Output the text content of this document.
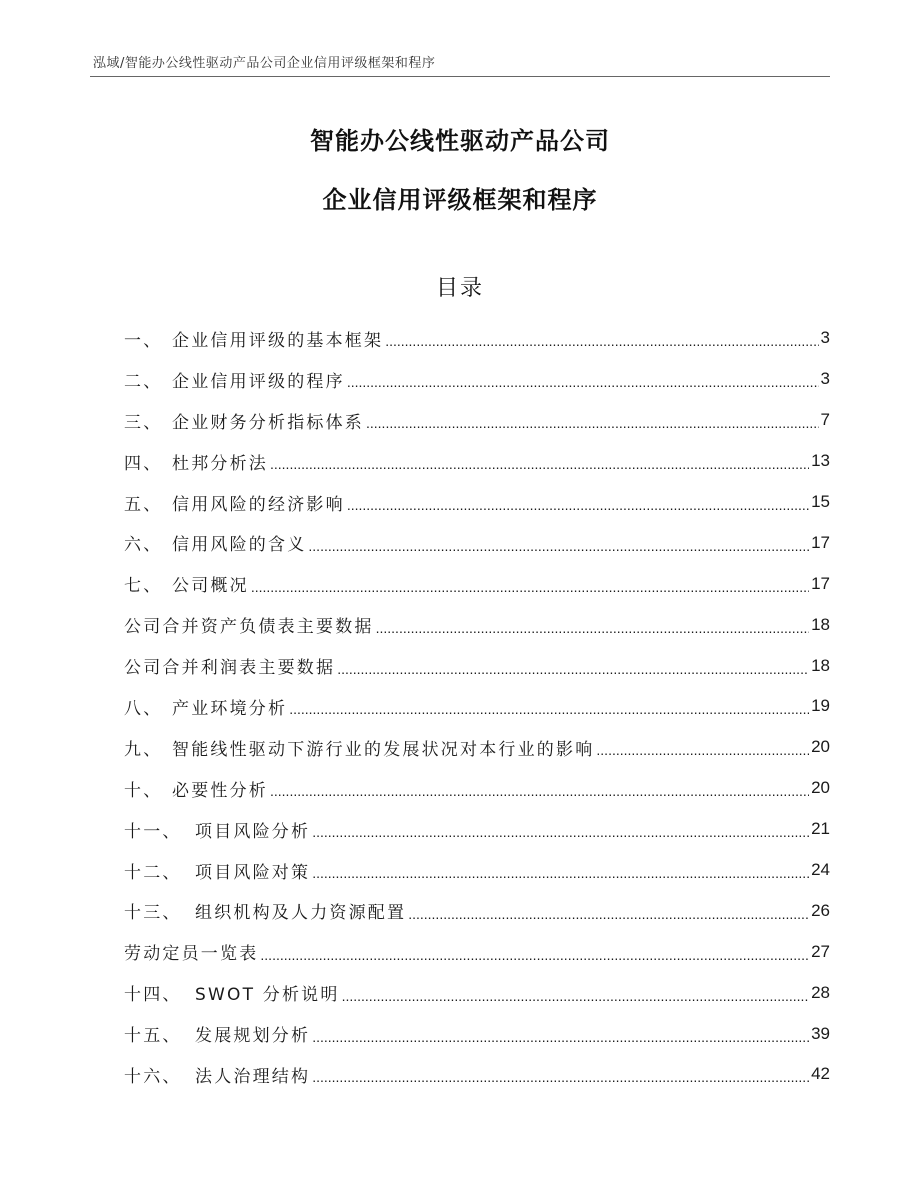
泓域/智能办公线性驱动产品公司企业信用评级框架和程序
智能办公线性驱动产品公司
企业信用评级框架和程序
目录
一、 企业信用评级的基本框架 .....	3
二、 企业信用评级的程序 .....	3
三、 企业财务分析指标体系 .....	7
四、 杜邦分析法 .....	13
五、 信用风险的经济影响 .....	15
六、 信用风险的含义 .....	17
七、 公司概况 .....	17
公司合并资产负债表主要数据 .....	18
公司合并利润表主要数据 .....	18
八、 产业环境分析 .....	19
九、 智能线性驱动下游行业的发展状况对本行业的影响 .....	20
十、 必要性分析 .....	20
十一、 项目风险分析 .....	21
十二、 项目风险对策 .....	24
十三、 组织机构及人力资源配置 .....	26
劳动定员一览表 .....	27
十四、 SWOT 分析说明 .....	28
十五、 发展规划分析 .....	39
十六、 法人治理结构 .....	42
